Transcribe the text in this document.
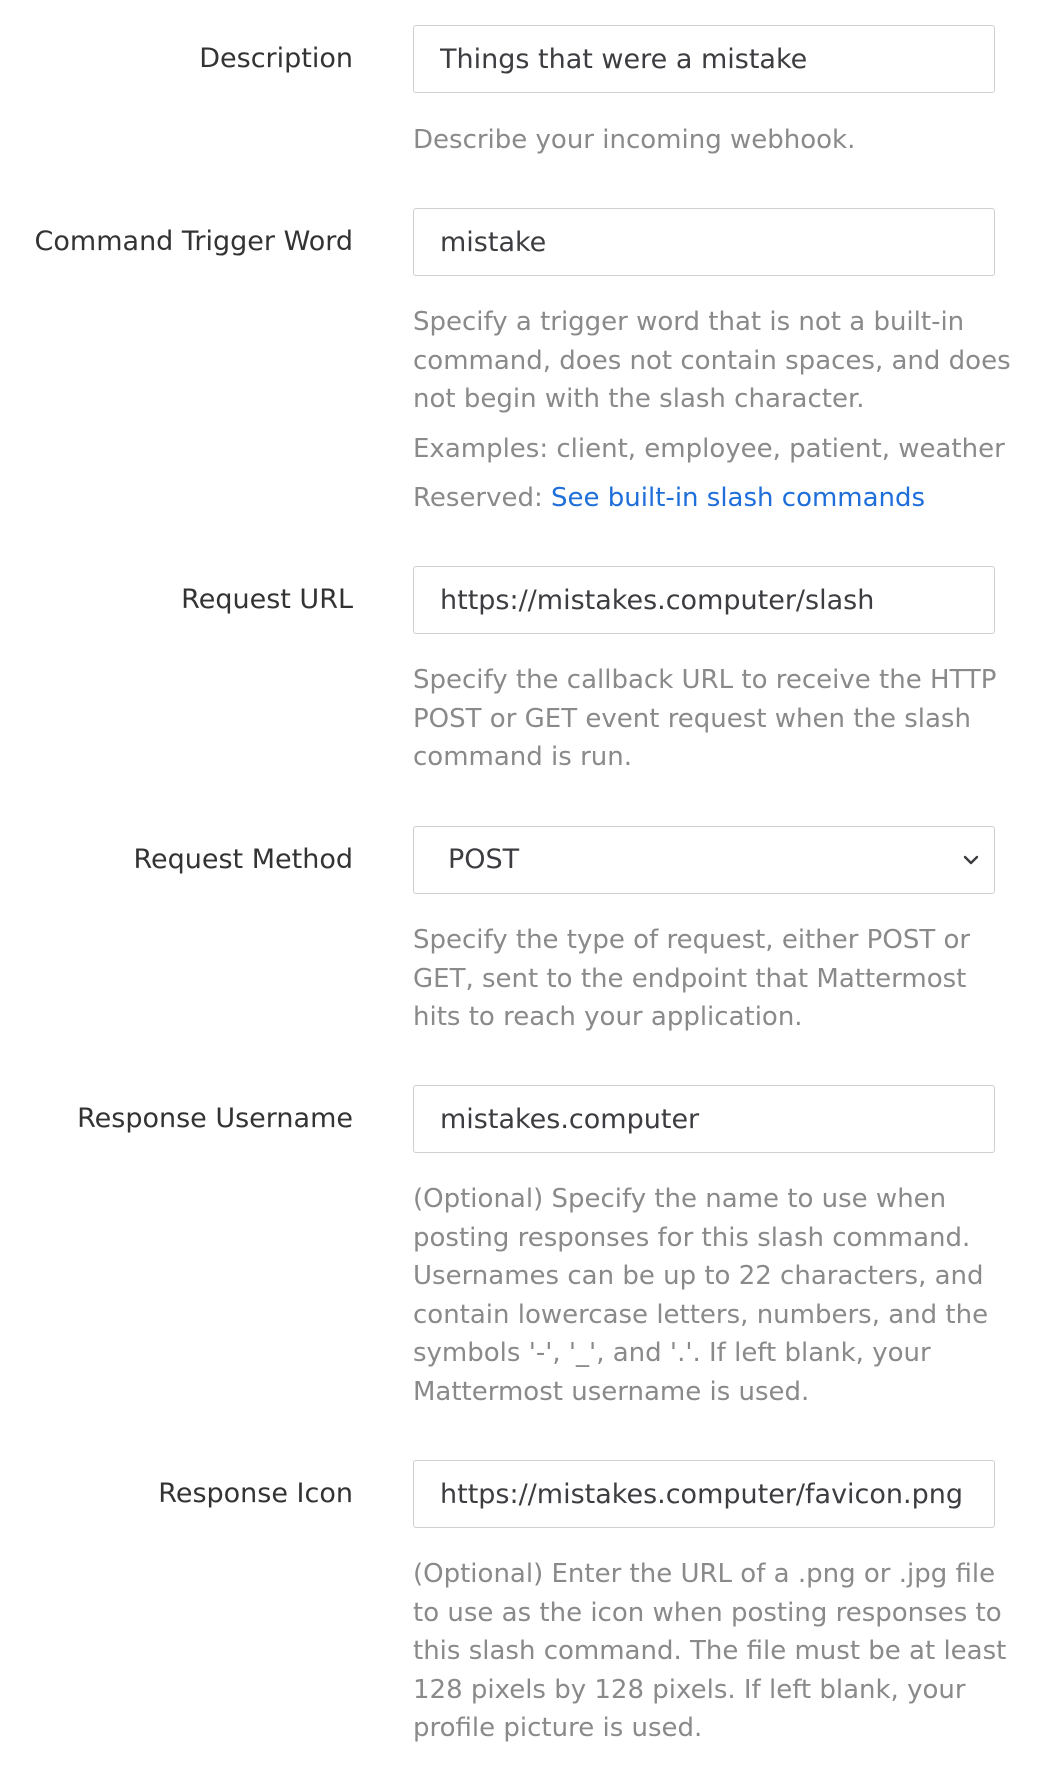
Description
Things that were a mistake

Describe your incoming webhook.

Command Trigger Word
mistake

Specify a trigger word that is not a built-in command, does not contain spaces, and does not begin with the slash character.

Examples: client, employee, patient, weather

Reserved: See built-in slash commands

Request URL
https://mistakes.computer/slash

Specify the callback URL to receive the HTTP POST or GET event request when the slash command is run.

Request Method	POST

Specify the type of request, either POST or GET, sent to the endpoint that Mattermost hits to reach your application.

Response Username
mistakes.computer

(Optional) Specify the name to use when posting responses for this slash command. Usernames can be up to 22 characters, and contain lowercase letters, numbers, and the symbols '-', '_', and '.'. If left blank, your Mattermost username is used.

Response Icon
https://mistakes.computer/favicon.png

(Optional) Enter the URL of a .png or .jpg file to use as the icon when posting responses to this slash command. The file must be at least 128 pixels by 128 pixels. If left blank, your profile picture is used.
